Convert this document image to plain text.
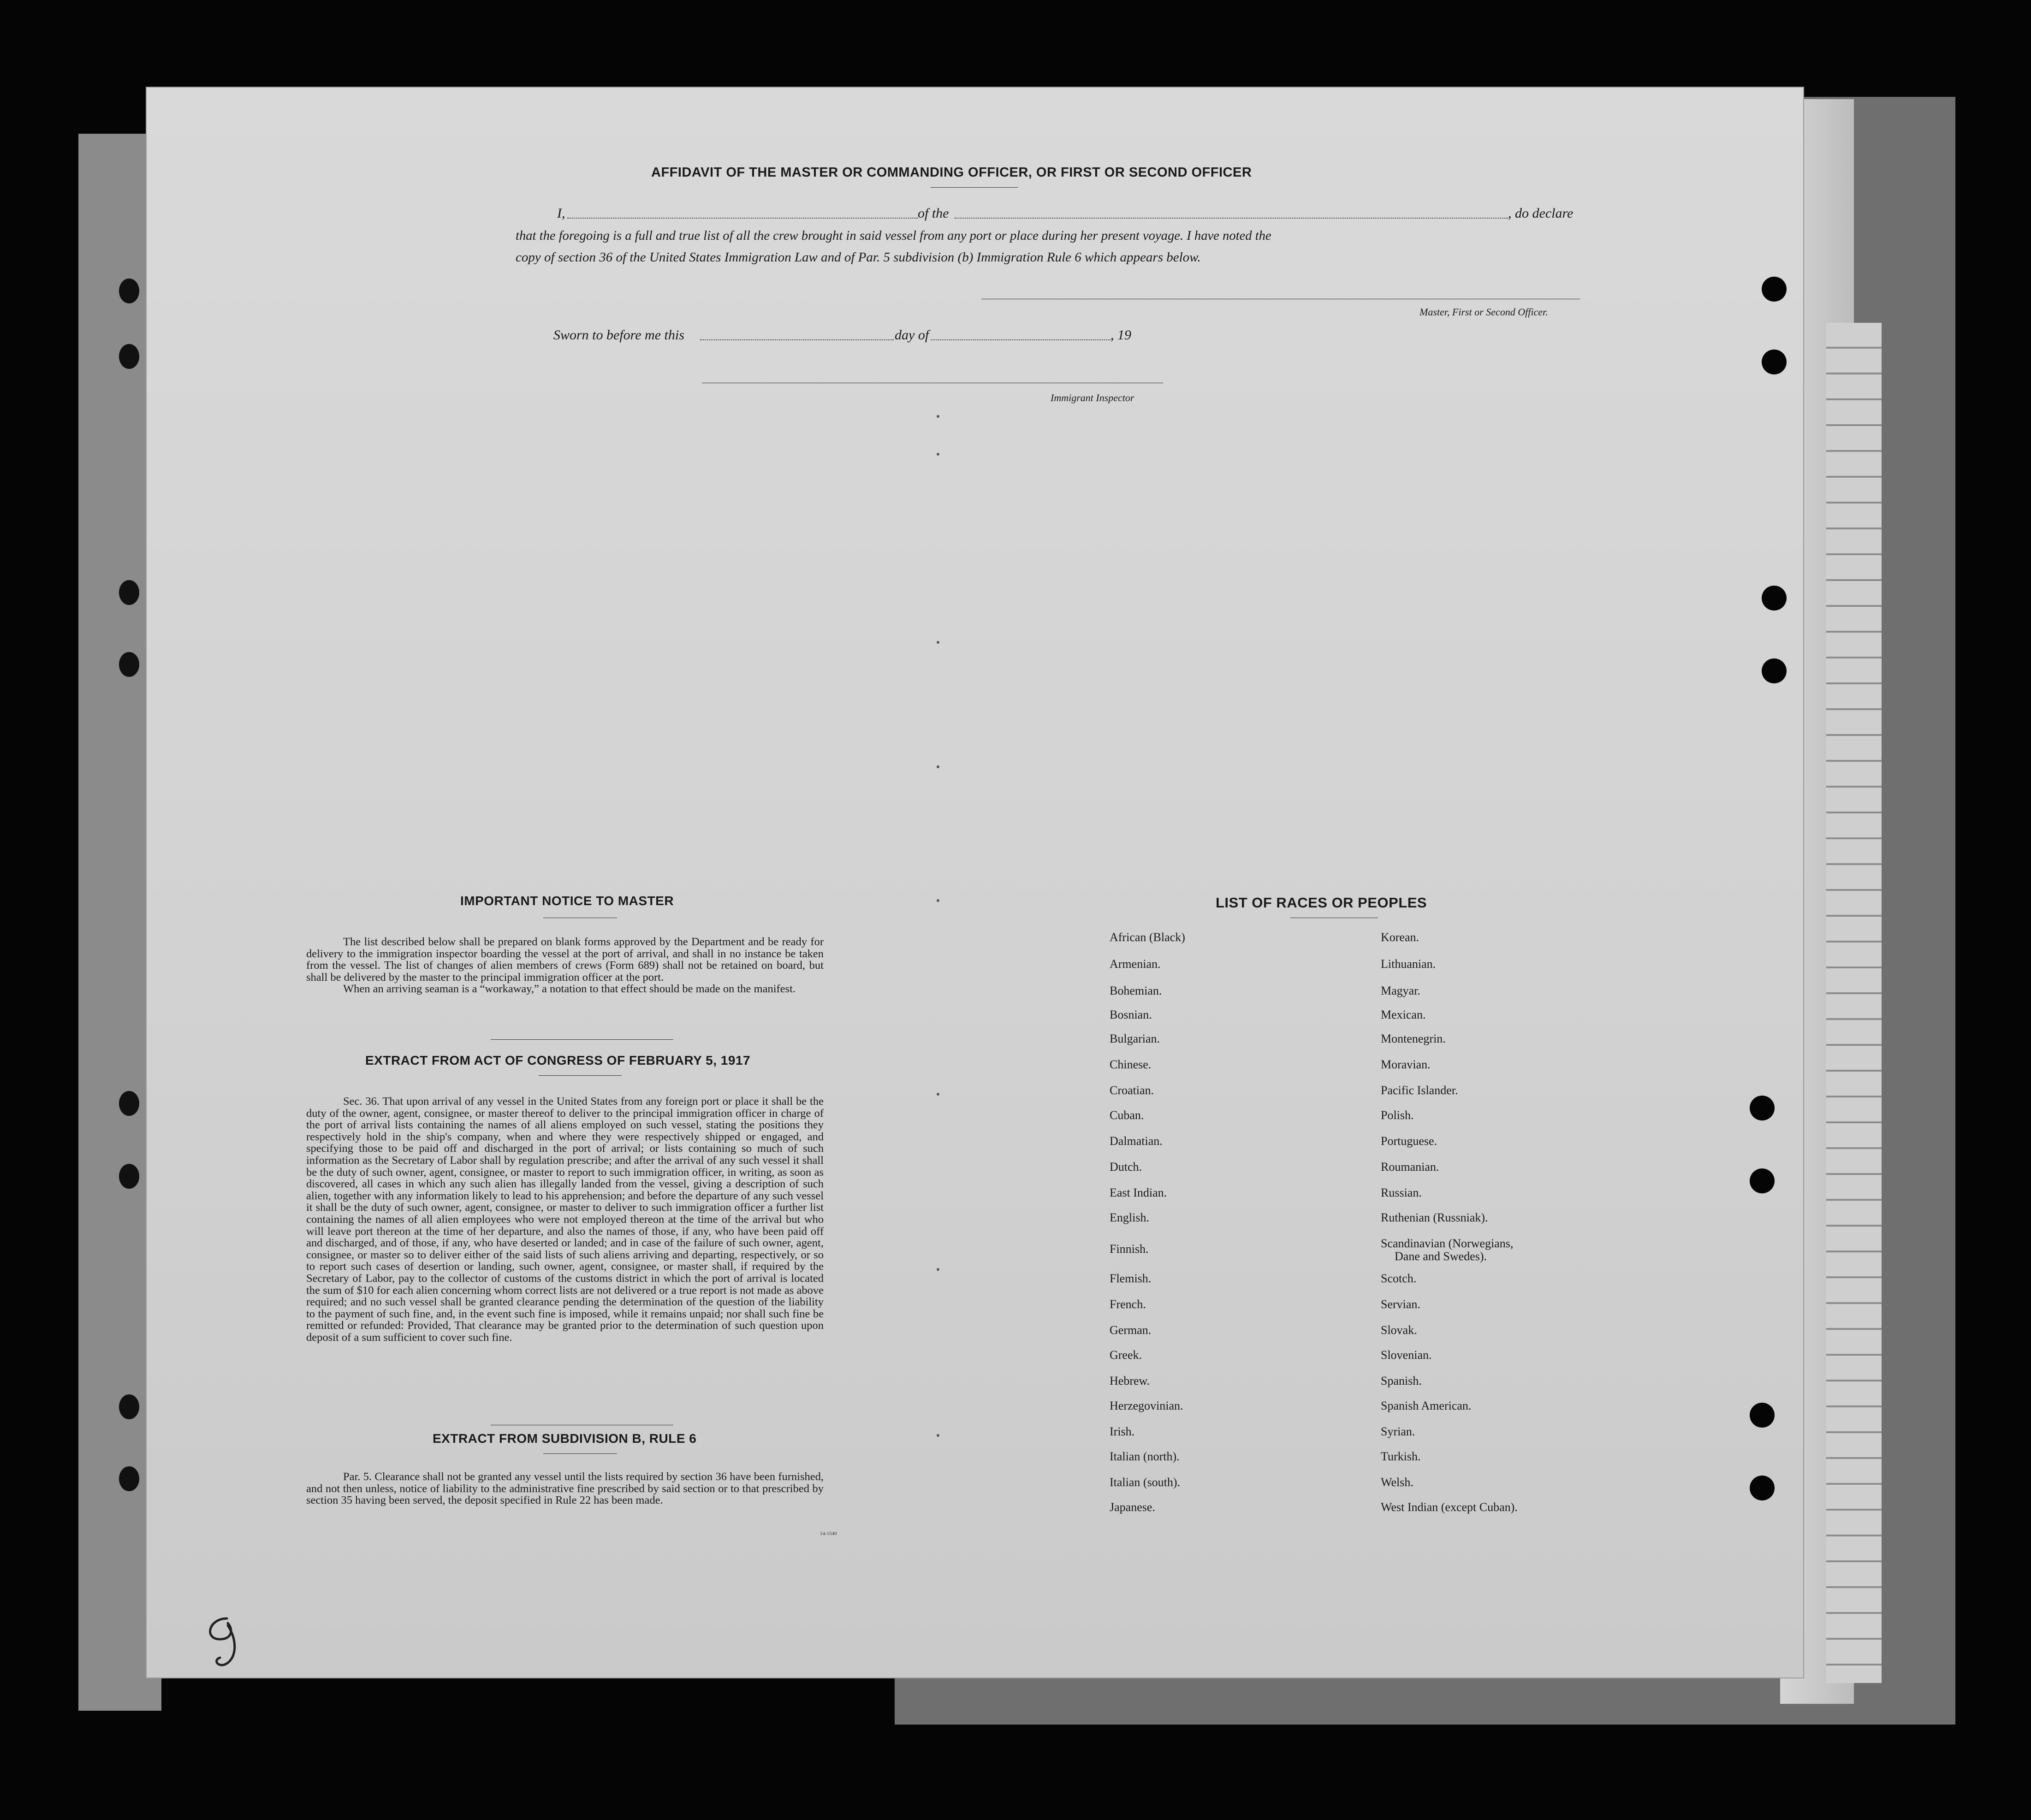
AFFIDAVIT OF THE MASTER OR COMMANDING OFFICER, OR FIRST OR SECOND OFFICER
I,	of the	, do declare
that the foregoing is a full and true list of all the crew brought in said vessel from any port or place during her present voyage. I have noted the
copy of section 36 of the United States Immigration Law and of Par. 5 subdivision (b) Immigration Rule 6 which appears below.
Master, First or Second Officer.
Sworn to before me this	day of	, 19
Immigrant Inspector
IMPORTANT NOTICE TO MASTER

The list described below shall be prepared on blank forms approved by the Department and be ready for delivery to the immigration inspector boarding the vessel at the port of arrival, and shall in no instance be taken from the vessel. The list of changes of alien members of crews (Form 689) shall not be retained on board, but shall be delivered by the master to the principal immigration officer at the port.

When an arriving seaman is a “workaway,” a notation to that effect should be made on the manifest.

EXTRACT FROM ACT OF CONGRESS OF FEBRUARY 5, 1917

Sec. 36. That upon arrival of any vessel in the United States from any foreign port or place it shall be the duty of the owner, agent, consignee, or master thereof to deliver to the principal immigration officer in charge of the port of arrival lists containing the names of all aliens employed on such vessel, stating the positions they respectively hold in the ship's company, when and where they were respectively shipped or engaged, and specifying those to be paid off and discharged in the port of arrival; or lists containing so much of such information as the Secretary of Labor shall by regulation prescribe; and after the arrival of any such vessel it shall be the duty of such owner, agent, consignee, or master to report to such immigration officer, in writing, as soon as discovered, all cases in which any such alien has illegally landed from the vessel, giving a description of such alien, together with any information likely to lead to his apprehension; and before the departure of any such vessel it shall be the duty of such owner, agent, consignee, or master to deliver to such immigration officer a further list containing the names of all alien employees who were not employed thereon at the time of the arrival but who will leave port thereon at the time of her departure, and also the names of those, if any, who have been paid off and discharged, and of those, if any, who have deserted or landed; and in case of the failure of such owner, agent, consignee, or master so to deliver either of the said lists of such aliens arriving and departing, respectively, or so to report such cases of desertion or landing, such owner, agent, consignee, or master shall, if required by the Secretary of Labor, pay to the collector of customs of the customs district in which the port of arrival is located the sum of $10 for each alien concerning whom correct lists are not delivered or a true report is not made as above required; and no such vessel shall be granted clearance pending the determination of the question of the liability to the payment of such fine, and, in the event such fine is imposed, while it remains unpaid; nor shall such fine be remitted or refunded: Provided, That clearance may be granted prior to the determination of such question upon deposit of a sum sufficient to cover such fine.

EXTRACT FROM SUBDIVISION B, RULE 6

Par. 5. Clearance shall not be granted any vessel until the lists required by section 36 have been furnished, and not then unless, notice of liability to the administrative fine prescribed by said section or to that prescribed by section 35 having been served, the deposit specified in Rule 22 has been made.

14-1540
LIST OF RACES OR PEOPLES
African (Black)
Armenian.
Bohemian.
Bosnian.
Bulgarian.
Chinese.
Croatian.
Cuban.
Dalmatian.
Dutch.
East Indian.
English.
Finnish.
Flemish.
French.
German.
Greek.
Hebrew.
Herzegovinian.
Irish.
Italian (north).
Italian (south).
Japanese.
Korean.
Lithuanian.
Magyar.
Mexican.
Montenegrin.
Moravian.
Pacific Islander.
Polish.
Portuguese.
Roumanian.
Russian.
Ruthenian (Russniak).
Scandinavian (Norwegians,
Dane and Swedes).
Scotch.
Servian.
Slovak.
Slovenian.
Spanish.
Spanish American.
Syrian.
Turkish.
Welsh.
West Indian (except Cuban).
